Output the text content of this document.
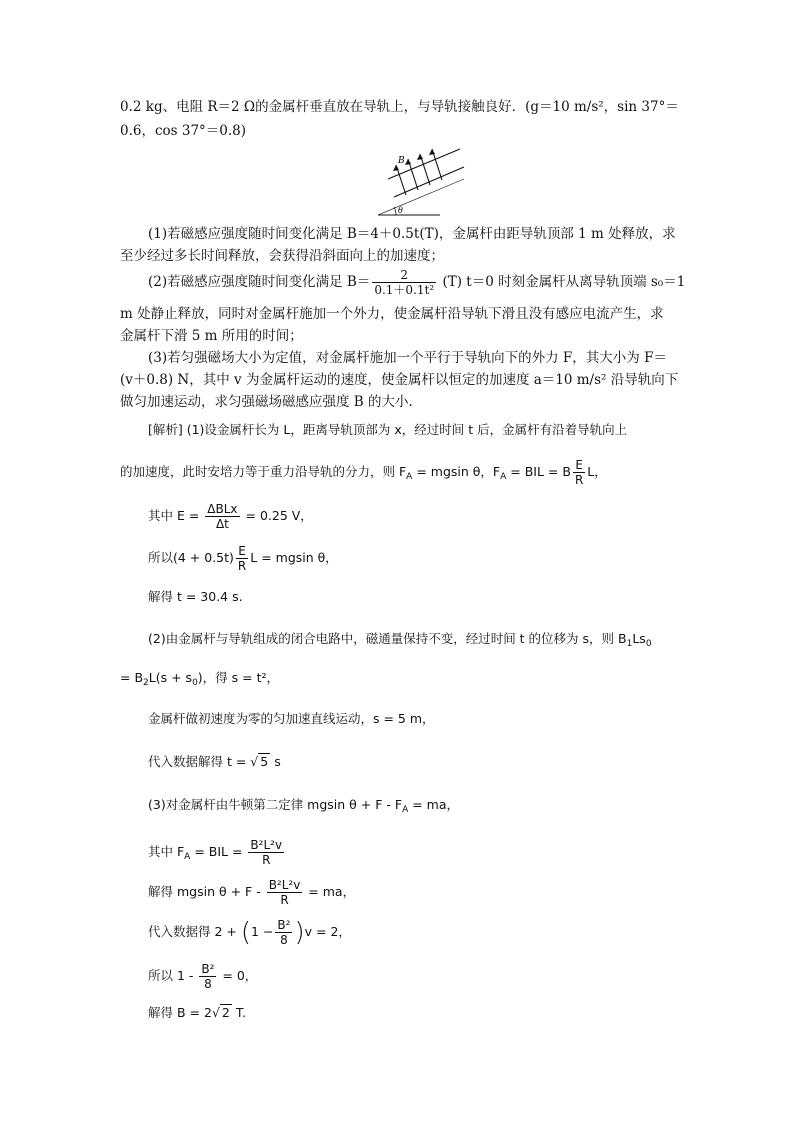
0.2 kg、电阻 R＝2 Ω的金属杆垂直放在导轨上，与导轨接触良好．(g＝10 m/s²，sin 37°＝
0.6，cos 37°＝0.8)
B
θ
(1)若磁感应强度随时间变化满足 B＝4＋0.5t(T)，金属杆由距导轨顶部 1 m 处释放，求
至少经过多长时间释放，会获得沿斜面向上的加速度；
(2)若磁感应强度随时间变化满足 $B= \frac{2}{\text{0.1＋0.1t²}} (T)$ t＝0 时刻金属杆从离导轨顶端 s₀＝1
m 处静止释放，同时对金属杆施加一个外力，使金属杆沿导轨下滑且没有感应电流产生，求
金属杆下滑 5 m 所用的时间；
(3)若匀强磁场大小为定值，对金属杆施加一个平行于导轨向下的外力 F，其大小为 F＝
(v＋0.8) N，其中 v 为金属杆运动的速度，使金属杆以恒定的加速度 a＝10 m/s² 沿导轨向下
做匀加速运动，求匀强磁场磁感应强度 B 的大小．
[解析] (1)设金属杆长为 L，距离导轨顶部为 x，经过时间 t 后，金属杆有沿着导轨向上
的加速度，此时安培力等于重力沿导轨的分力，则 $F_A = mgsin$ θ，$F_A$ = BIL = B $\frac{E}{R}$ L，
其中 $E = \frac{\text{ΔBLx}}{\Delta t} = 0.25$ V，
所以$(4 + 0.5t) \frac{E}{R}$ L = mgsin θ，
解得 t = 30.4 s.
(2)由金属杆与导轨组成的闭合电路中，磁通量保持不变，经过时间 t 的位移为 s，则 $B_1Ls_0$
= $B_2L(s + s_0)$，得 s = t²，
金属杆做初速度为零的匀加速直线运动，s = 5 m，
代入数据解得 t = √ 5 s
(3)对金属杆由牛顿第二定律 mgsin $\theta + F - F_A$ = ma，
其中 $F_A$ = BIL = $\frac{\text{B²L²v}}{R}$
解得 mgsin $\theta + F - \frac{\text{B²L²v}}{R}$ = ma，
代入数据得 $2 + (1 - \frac{\text{B²}}{8} )v = 2$，
所以 $1 - \frac{\text{B²}}{8} = 0$，
解得 B = 2√ 2 T.
